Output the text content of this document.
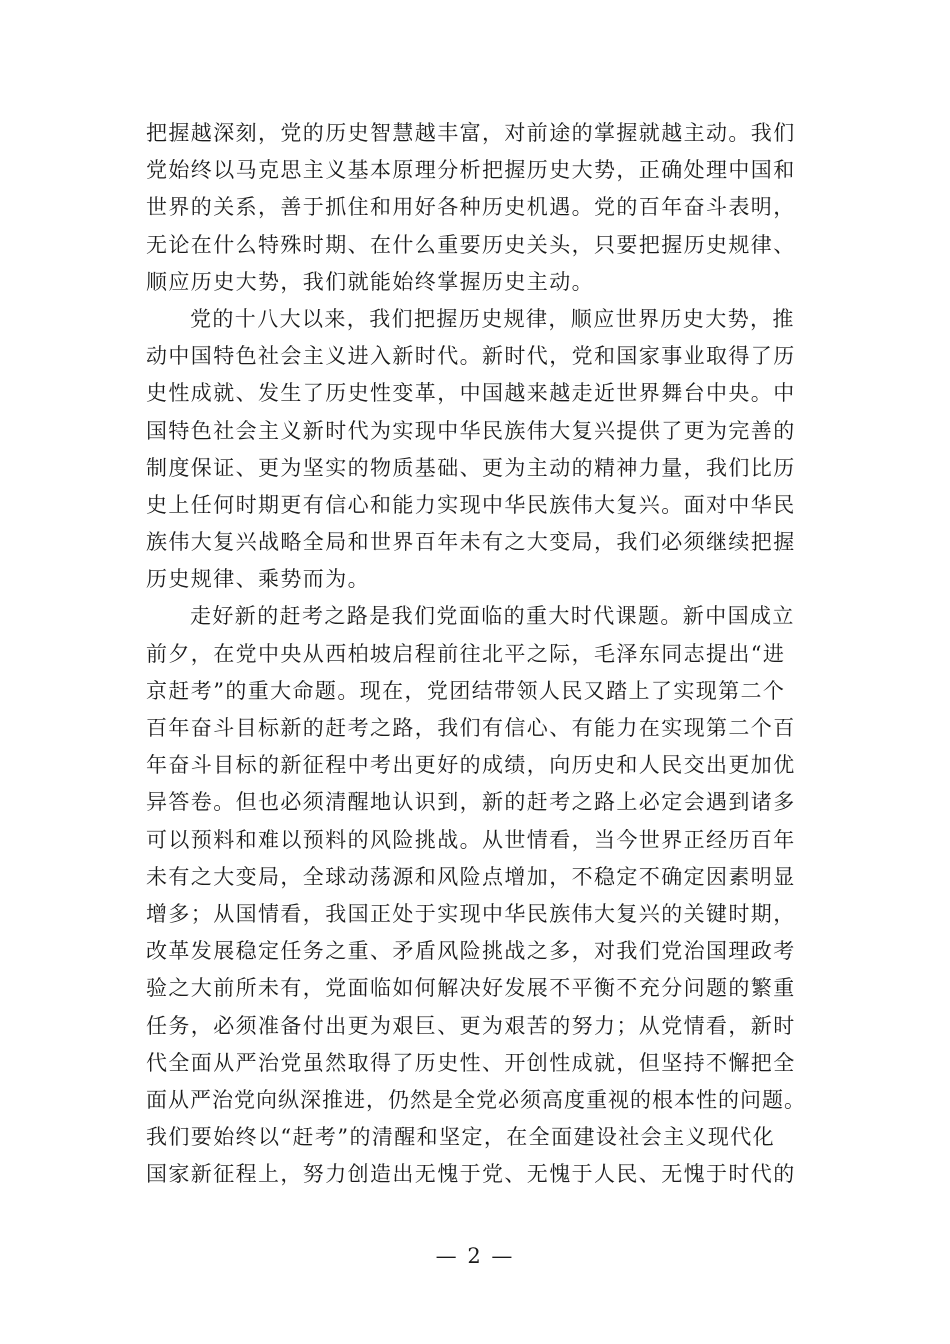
把握越深刻，党的历史智慧越丰富，对前途的掌握就越主动。我们
党始终以马克思主义基本原理分析把握历史大势，正确处理中国和
世界的关系，善于抓住和用好各种历史机遇。党的百年奋斗表明，
无论在什么特殊时期、在什么重要历史关头，只要把握历史规律、
顺应历史大势，我们就能始终掌握历史主动。
党的十八大以来，我们把握历史规律，顺应世界历史大势，推
动中国特色社会主义进入新时代。新时代，党和国家事业取得了历
史性成就、发生了历史性变革，中国越来越走近世界舞台中央。中
国特色社会主义新时代为实现中华民族伟大复兴提供了更为完善的
制度保证、更为坚实的物质基础、更为主动的精神力量，我们比历
史上任何时期更有信心和能力实现中华民族伟大复兴。面对中华民
族伟大复兴战略全局和世界百年未有之大变局，我们必须继续把握
历史规律、乘势而为。
走好新的赶考之路是我们党面临的重大时代课题。新中国成立
前夕，在党中央从西柏坡启程前往北平之际，毛泽东同志提出“进
京赶考”的重大命题。现在，党团结带领人民又踏上了实现第二个
百年奋斗目标新的赶考之路，我们有信心、有能力在实现第二个百
年奋斗目标的新征程中考出更好的成绩，向历史和人民交出更加优
异答卷。但也必须清醒地认识到，新的赶考之路上必定会遇到诸多
可以预料和难以预料的风险挑战。从世情看，当今世界正经历百年
未有之大变局，全球动荡源和风险点增加，不稳定不确定因素明显
增多；从国情看，我国正处于实现中华民族伟大复兴的关键时期，
改革发展稳定任务之重、矛盾风险挑战之多，对我们党治国理政考
验之大前所未有，党面临如何解决好发展不平衡不充分问题的繁重
任务，必须准备付出更为艰巨、更为艰苦的努力；从党情看，新时
代全面从严治党虽然取得了历史性、开创性成就，但坚持不懈把全
面从严治党向纵深推进，仍然是全党必须高度重视的根本性的问题。
我们要始终以“赶考”的清醒和坚定，在全面建设社会主义现代化
国家新征程上，努力创造出无愧于党、无愧于人民、无愧于时代的
— 2 —
